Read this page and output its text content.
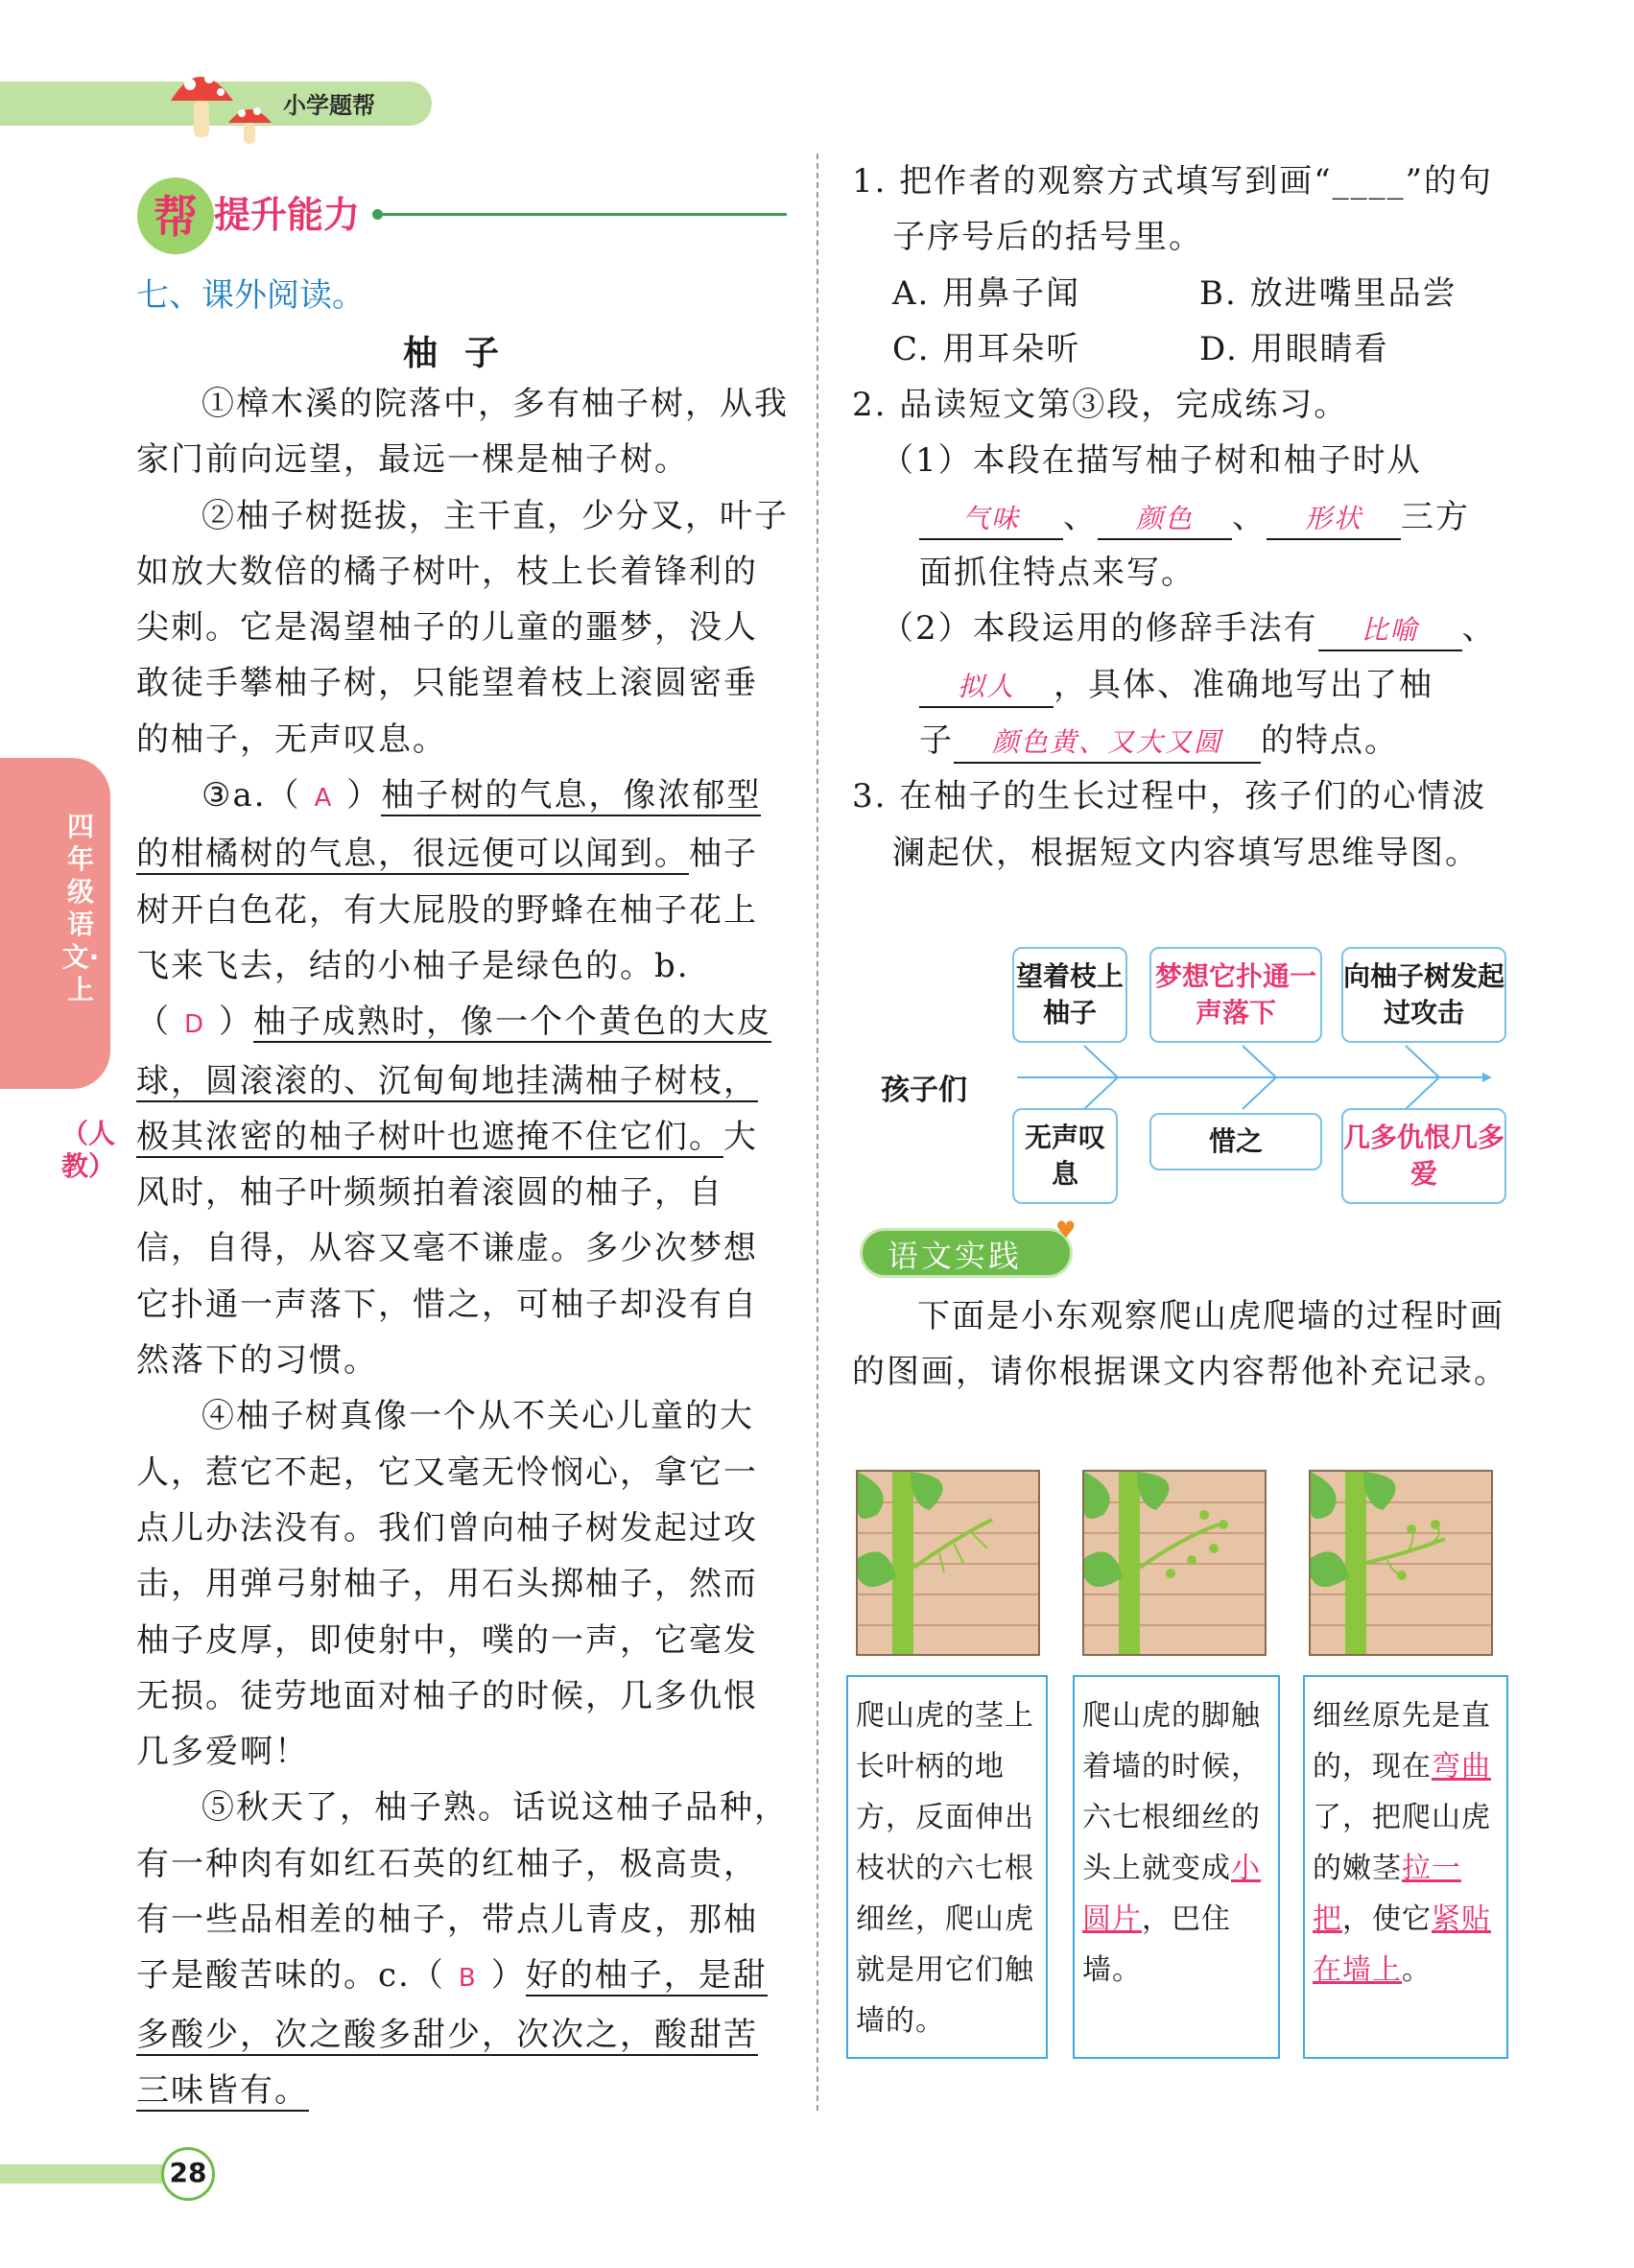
小学题帮
帮 提升能力
七、课外阅读。
柚子

①樟木溪的院落中，多有柚子树，从我家门前向远望，最远一棵是柚子树。

②柚子树挺拔，主干直，少分叉，叶子如放大数倍的橘子树叶，枝上长着锋利的尖刺。它是渴望柚子的儿童的噩梦，没人敢徒手攀柚子树，只能望着枝上滚圆密垂的柚子，无声叹息。

③a.（ A ）柚子树的气息，像浓郁型的柑橘树的气息，很远便可以闻到。柚子树开白色花，有大屁股的野蜂在柚子花上飞来飞去，结的小柚子是绿色的。b.（ D ）柚子成熟时，像一个个黄色的大皮球，圆滚滚的、沉甸甸地挂满柚子树枝，极其浓密的柚子树叶也遮掩不住它们。大风时，柚子叶频频拍着滚圆的柚子，自信，自得，从容又毫不谦虚。多少次梦想它扑通一声落下，惜之，可柚子却没有自然落下的习惯。

④柚子树真像一个从不关心儿童的大人，惹它不起，它又毫无怜悯心，拿它一点儿办法没有。我们曾向柚子树发起过攻击，用弹弓射柚子，用石头掷柚子，然而柚子皮厚，即使射中，噗的一声，它毫发无损。徒劳地面对柚子的时候，几多仇恨几多爱啊！

⑤秋天了，柚子熟。话说这柚子品种，有一种肉有如红石英的红柚子，极高贵，有一些品相差的柚子，带点儿青皮，那柚子是酸苦味的。c.（ B ）好的柚子，是甜多酸少，次之酸多甜少，次次之，酸甜苦三味皆有。

1. 把作者的观察方式填写到画“____”的句子序号后的括号里。

A. 用鼻子闻	B. 放进嘴里品尝

C. 用耳朵听	D. 用眼睛看

2. 品读短文第③段，完成练习。

（1）本段在描写柚子树和柚子时从

气味 、 颜色 、 形状 三方

面抓住特点来写。

（2）本段运用的修辞手法有 比喻 、

拟人 ，具体、准确地写出了柚

子 颜色黄、又大又圆 的特点。

3. 在柚子的生长过程中，孩子们的心情波澜起伏，根据短文内容填写思维导图。

孩子们
望着枝上柚子
梦想它扑通一声落下
向柚子树发起过攻击
无声叹息
惜之	几多仇恨几多爱
语文实践
♥
下面是小东观察爬山虎爬墙的过程时画的图画，请你根据课文内容帮他补充记录。
爬山虎的茎上长叶柄的地方，反面伸出枝状的六七根细丝，爬山虎就是用它们触墙的。
爬山虎的脚触着墙的时候，六七根细丝的头上就变成小圆片，巴住墙。
细丝原先是直的，现在弯曲了，把爬山虎的嫩茎拉一把，使它紧贴在墙上。
四年级语文·上
（人教）
28
